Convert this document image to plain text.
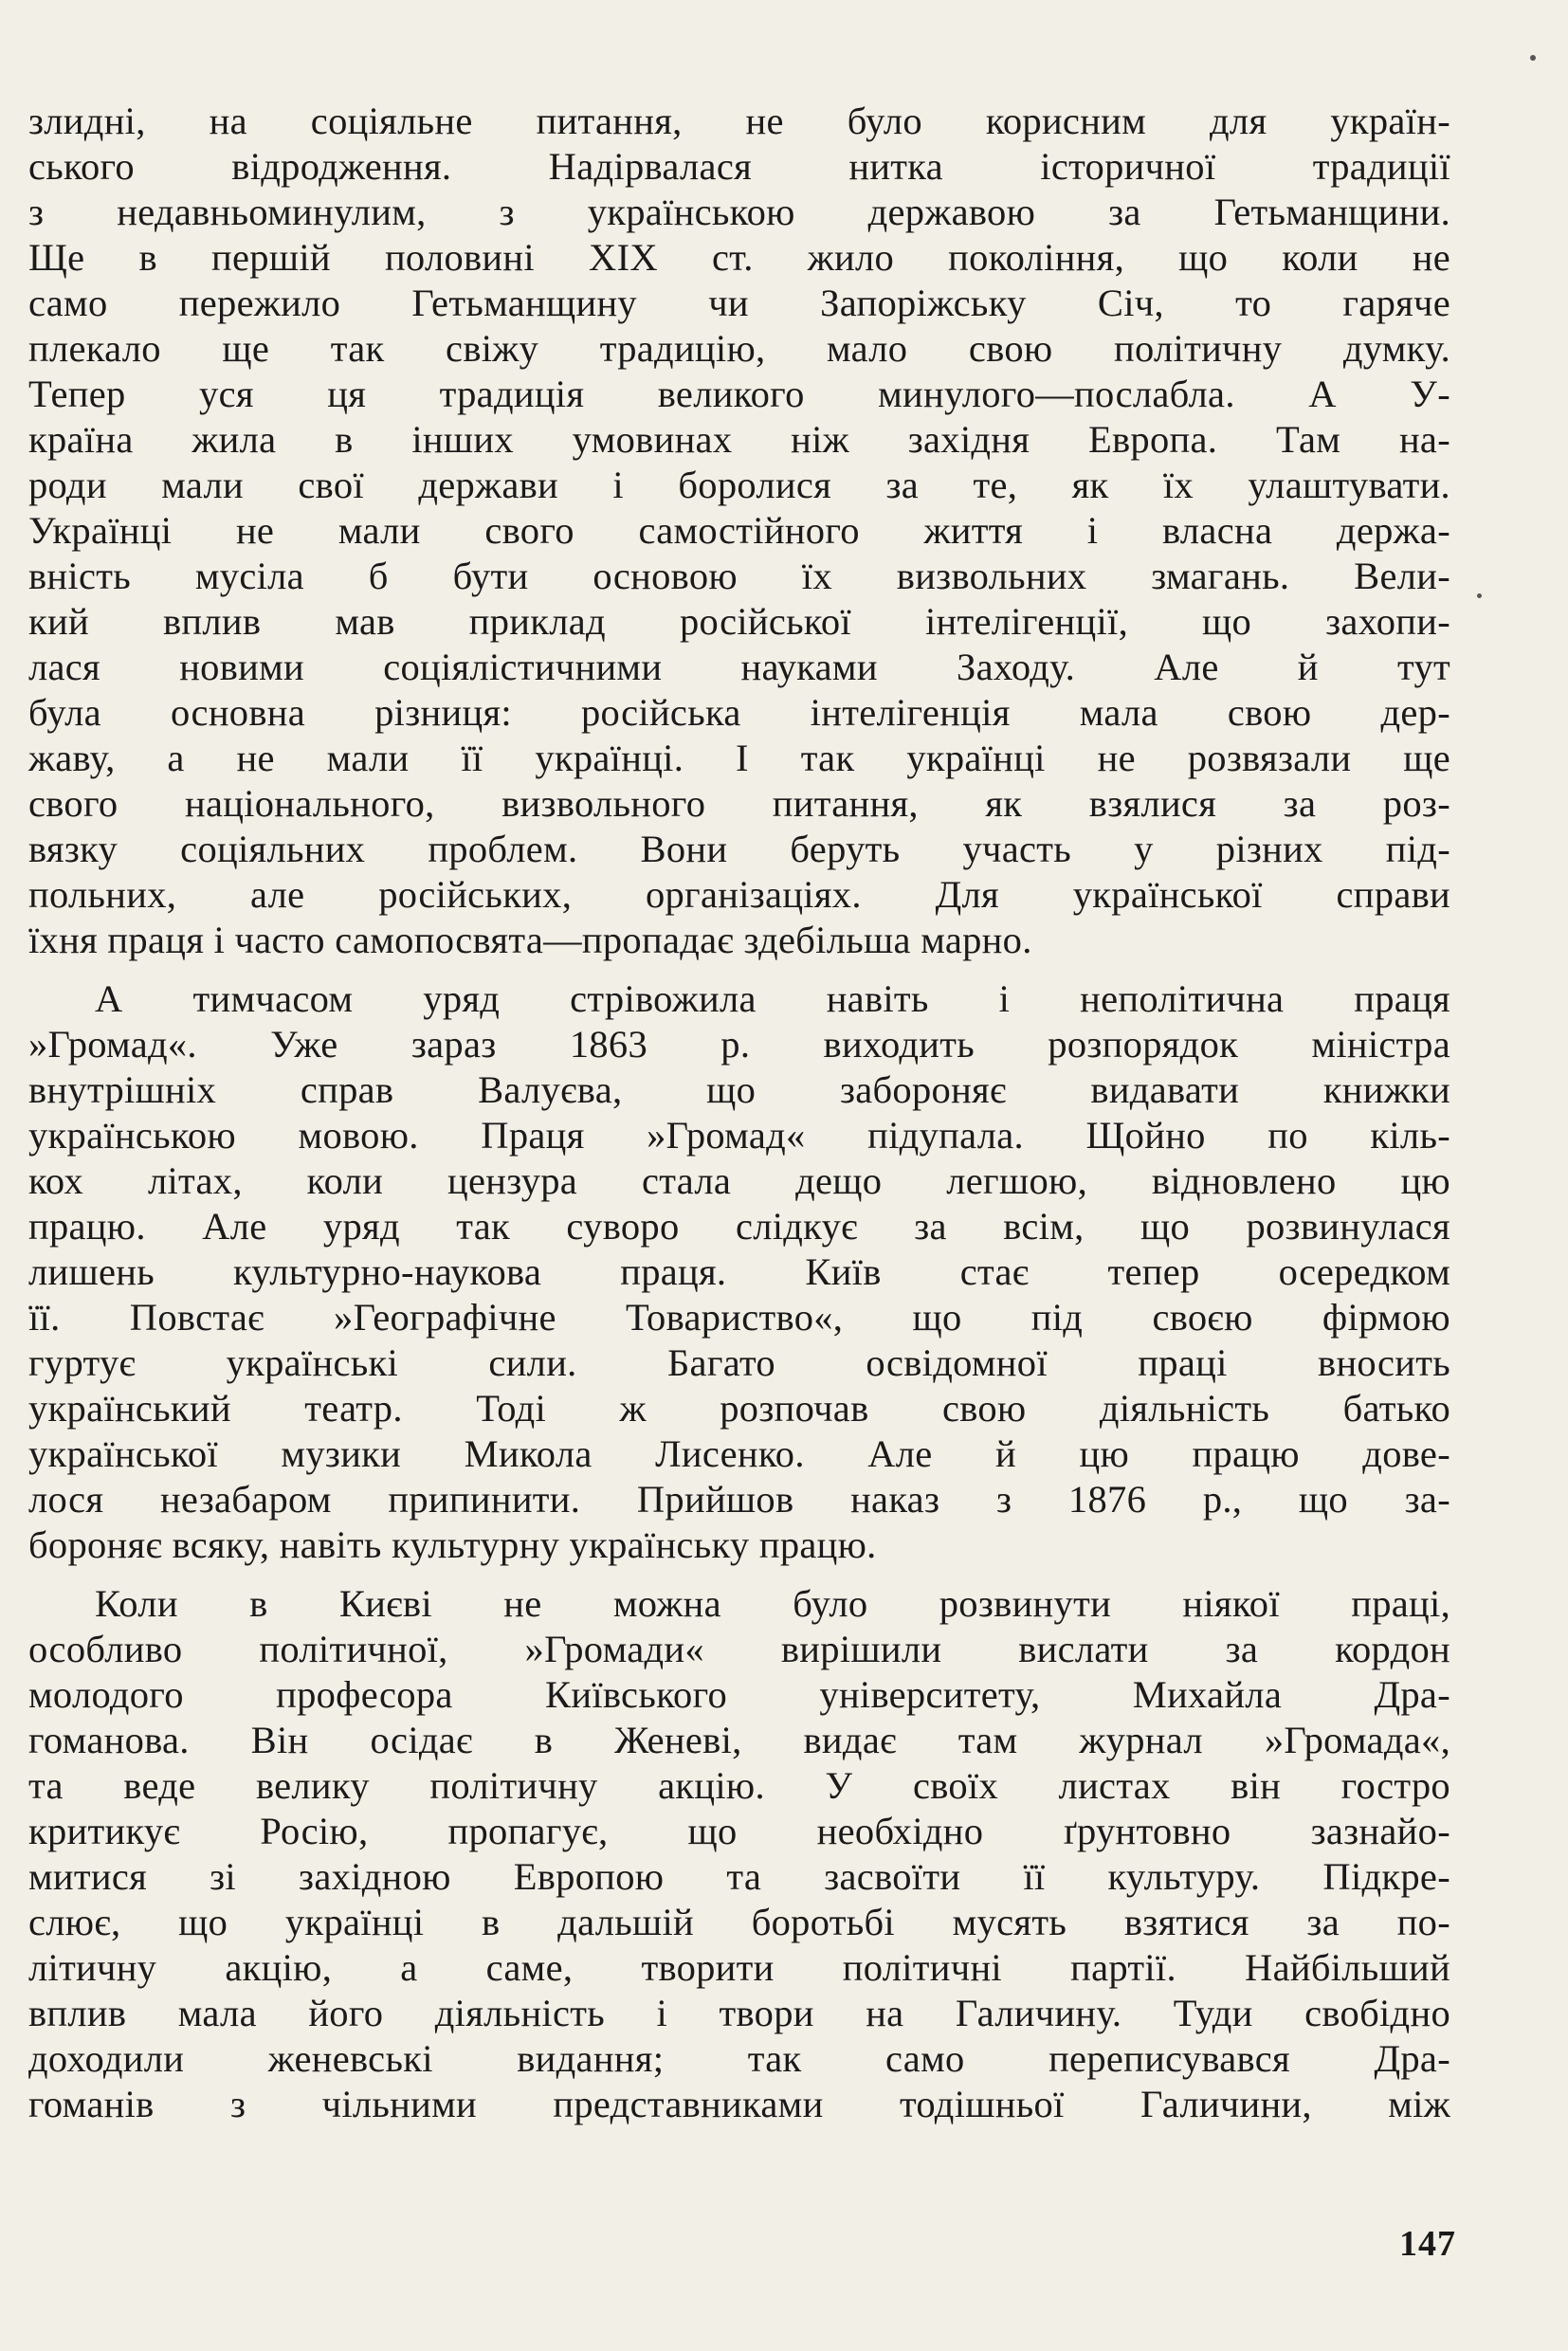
злидні, на соціяльне питання, не було корисним для україн-
ського відродження. Надірвалася нитка історичної традиції
з недавньоминулим, з українською державою за Гетьманщини.
Ще в першій половині XIX ст. жило покоління, що коли не
само пережило Гетьманщину чи Запоріжську Січ, то гаряче
плекало ще так свіжу традицію, мало свою політичну думку.
Тепер уся ця традиція великого минулого—послабла. А У-
країна жила в інших умовинах ніж західня Европа. Там на-
роди мали свої держави і боролися за те, як їх улаштувати.
Українці не мали свого самостійного життя і власна держа-
вність мусіла б бути основою їх визвольних змагань. Вели-
кий вплив мав приклад російської інтелігенції, що захопи-
лася новими соціялістичними науками Заходу. Але й тут
була основна різниця: російська інтелігенція мала свою дер-
жаву, а не мали її українці. І так українці не розвязали ще
свого національного, визвольного питання, як взялися за роз-
вязку соціяльних проблем. Вони беруть участь у різних під-
польних, але російських, організаціях. Для української справи
їхня праця і часто самопосвята—пропадає здебільша марно.
А тимчасом уряд стрівожила навіть і неполітична праця
»Громад«. Уже зараз 1863 р. виходить розпорядок міністра
внутрішніх справ Валуєва, що забороняє видавати книжки
українською мовою. Праця »Громад« підупала. Щойно по кіль-
кох літах, коли цензура стала дещо легшою, відновлено цю
працю. Але уряд так суворо слідкує за всім, що розвинулася
лишень культурно-наукова праця. Київ стає тепер осередком
її. Повстає »Географічне Товариство«, що під своєю фірмою
гуртує українські сили. Багато освідомної праці вносить
український театр. Тоді ж розпочав свою діяльність батько
української музики Микола Лисенко. Але й цю працю дове-
лося незабаром припинити. Прийшов наказ з 1876 р., що за-
бороняє всяку, навіть культурну українську працю.
Коли в Києві не можна було розвинути ніякої праці,
особливо політичної, »Громади« вирішили вислати за кордон
молодого професора Київського університету, Михайла Дра-
гоманова. Він осідає в Женеві, видає там журнал »Громада«,
та веде велику політичну акцію. У своїх листах він гостро
критикує Росію, пропагує, що необхідно ґрунтовно зазнайо-
митися зі західною Европою та засвоїти її культуру. Підкре-
слює, що українці в дальшій боротьбі мусять взятися за по-
літичну акцію, а саме, творити політичні партії. Найбільший
вплив мала його діяльність і твори на Галичину. Туди свобідно
доходили женевські видання; так само переписувався Дра-
гоманів з чільними представниками тодішньої Галичини, між
147
